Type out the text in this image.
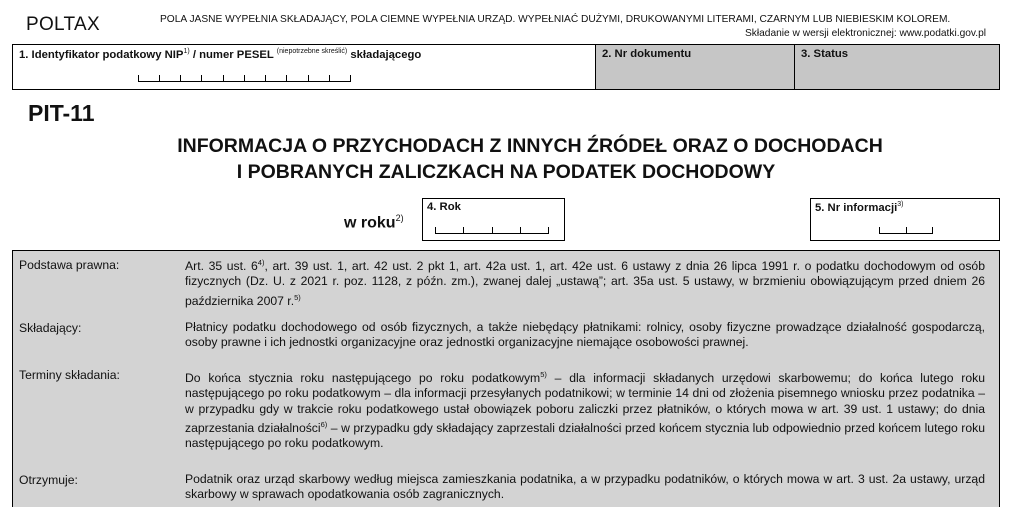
POLTAX	POLA JASNE WYPEŁNIA SKŁADAJĄCY, POLA CIEMNE WYPEŁNIA URZĄD. WYPEŁNIAĆ DUŻYMI, DRUKOWANYMI LITERAMI, CZARNYM LUB NIEBIESKIM KOLOREM.
Składanie w wersji elektronicznej: www.podatki.gov.pl
1. Identyfikator podatkowy NIP$^{1)}$ / numer PESEL $^{(niepotrzebne skreślić)}$ składającego	2. Nr dokumentu	3. Status
PIT-11
INFORMACJA O PRZYCHODACH Z INNYCH ŹRÓDEŁ ORAZ O DOCHODACH
I POBRANYCH ZALICZKACH NA PODATEK DOCHODOWY
w roku$^{2)}$
4. Rok	5. Nr informacji$^{3)}$
Podstawa prawna:	Art. 35 ust. 6$^{4)}$, art. 39 ust. 1, art. 42 ust. 2 pkt 1, art. 42a ust. 1, art. 42e ust. 6 ustawy z dnia 26 lipca 1991 r. o podatku dochodowym od osób fizycznych (Dz. U. z 2021 r. poz. 1128, z późn. zm.), zwanej dalej „ustawą”; art. 35a ust. 5 ustawy, w brzmieniu obowiązującym przed dniem 26 października 2007 r.$^{5)}$
Składający:	Płatnicy podatku dochodowego od osób fizycznych, a także niebędący płatnikami: rolnicy, osoby fizyczne prowadzące działalność gospodarczą, osoby prawne i ich jednostki organizacyjne oraz jednostki organizacyjne niemające osobowości prawnej.
Terminy składania:	Do końca stycznia roku następującego po roku podatkowym$^{5)}$ – dla informacji składanych urzędowi skarbowemu; do końca lutego roku następującego po roku podatkowym – dla informacji przesyłanych podatnikowi; w terminie 14 dni od złożenia pisemnego wniosku przez podatnika – w przypadku gdy w trakcie roku podatkowego ustał obowiązek poboru zaliczki przez płatników, o których mowa w art. 39 ust. 1 ustawy; do dnia zaprzestania działalności$^{6)}$ – w przypadku gdy składający zaprzestali działalności przed końcem stycznia lub odpowiednio przed końcem lutego roku następującego po roku podatkowym.
Otrzymuje:	Podatnik oraz urząd skarbowy według miejsca zamieszkania podatnika, a w przypadku podatników, o których mowa w art. 3 ust. 2a ustawy, urząd skarbowy w sprawach opodatkowania osób zagranicznych.
